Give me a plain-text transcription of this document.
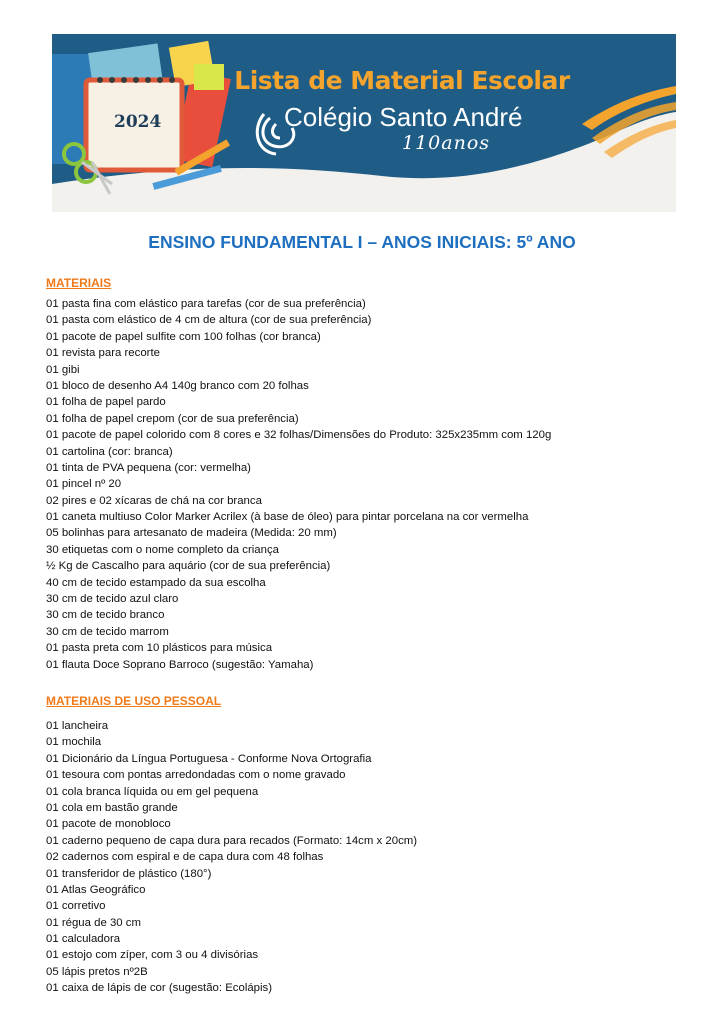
Lista de Material Escolar
Colégio Santo André
110anos
2024
ENSINO FUNDAMENTAL I – ANOS INICIAIS: 5º ANO
MATERIAIS
01 pasta fina com elástico para tarefas (cor de sua preferência)
01 pasta com elástico de 4 cm de altura (cor de sua preferência)
01 pacote de papel sulfite com 100 folhas (cor branca)
01 revista para recorte
01 gibi
01 bloco de desenho A4 140g branco com 20 folhas
01 folha de papel pardo
01 folha de papel crepom (cor de sua preferência)
01 pacote de papel colorido com 8 cores e 32 folhas/Dimensões do Produto: 325x235mm com 120g
01 cartolina (cor: branca)
01 tinta de PVA pequena (cor: vermelha)
01 pincel nº 20
02 pires e 02 xícaras de chá na cor branca
01 caneta multiuso Color Marker Acrilex (à base de óleo) para pintar porcelana na cor vermelha
05 bolinhas para artesanato de madeira (Medida: 20 mm)
30 etiquetas com o nome completo da criança
½ Kg de Cascalho para aquário (cor de sua preferência)
40 cm de tecido estampado da sua escolha
30 cm de tecido azul claro
30 cm de tecido branco
30 cm de tecido marrom
01 pasta preta com 10 plásticos para música
01 flauta Doce Soprano Barroco (sugestão: Yamaha)
MATERIAIS DE USO PESSOAL
01 lancheira
01 mochila
01 Dicionário da Língua Portuguesa - Conforme Nova Ortografia
01 tesoura com pontas arredondadas com o nome gravado
01 cola branca líquida ou em gel pequena
01 cola em bastão grande
01 pacote de monobloco
01 caderno pequeno de capa dura para recados (Formato: 14cm x 20cm)
02 cadernos com espiral e de capa dura com 48 folhas
01 transferidor de plástico (180°)
01 Atlas Geográfico
01 corretivo
01 régua de 30 cm
01 calculadora
01 estojo com zíper, com 3 ou 4 divisórias
05 lápis pretos nº2B
01 caixa de lápis de cor (sugestão: Ecolápis)
